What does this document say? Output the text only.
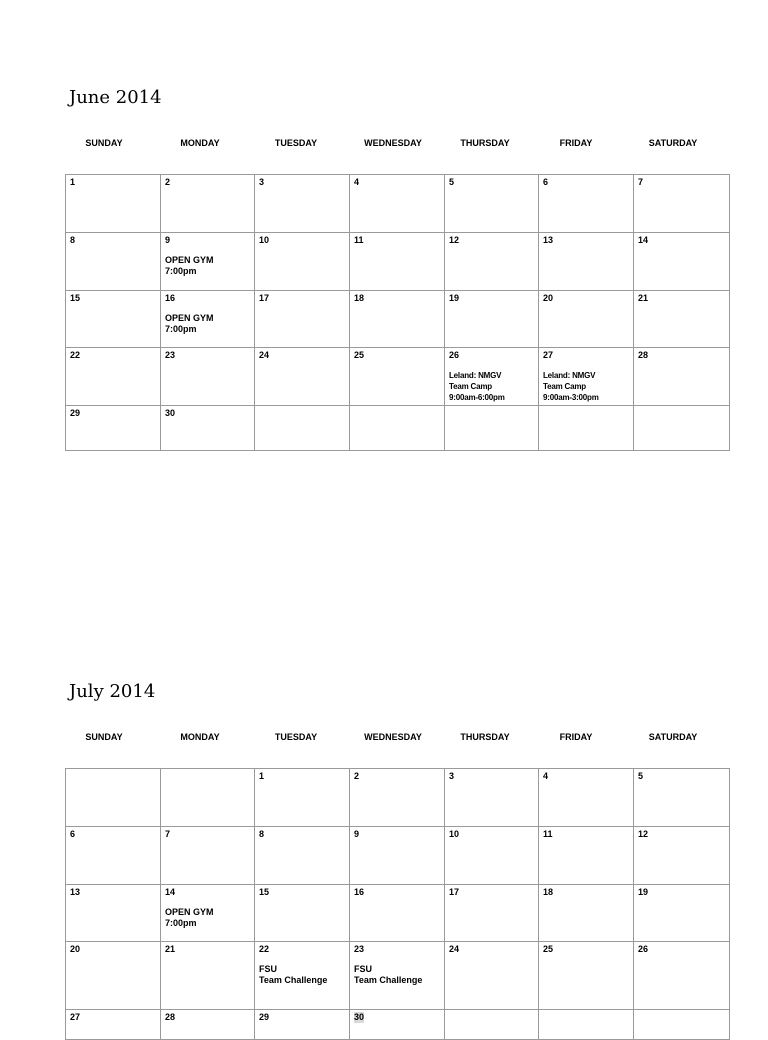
June 2014
SUNDAY	MONDAY	TUESDAY	WEDNESDAY	THURSDAY	FRIDAY	SATURDAY
1	2	3	4	5	6	7

8	9
OPEN GYM
7:00pm	10	11	12	13	14

15	16
OPEN GYM
7:00pm	17	18	19	20	21

22	23	24	25	26
Leland: NMGV
Team Camp
9:00am-6:00pm	27
Leland: NMGV
Team Camp
9:00am-3:00pm	28

29	30					

July 2014
SUNDAY	MONDAY	TUESDAY	WEDNESDAY	THURSDAY	FRIDAY	SATURDAY

		1	2	3	4	5

6	7	8	9	10	11	12

13	14
OPEN GYM
7:00pm	15	16	17	18	19

20	21	22
FSU
Team Challenge	23
FSU
Team Challenge	24	25	26

27	28	29	30	
